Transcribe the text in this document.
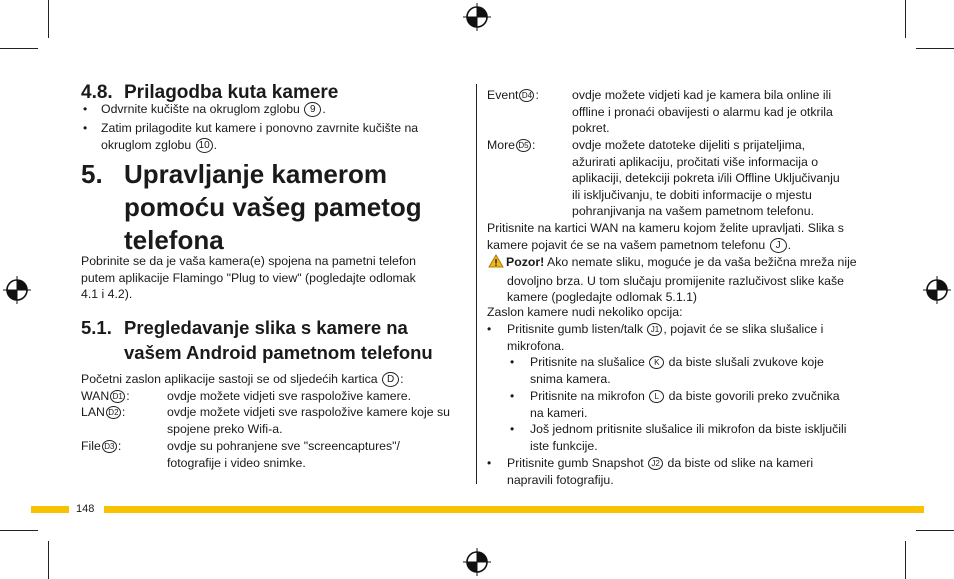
4.8. Prilagodba kuta kamere
• Odvrnite kučište na okruglom zglobu 9 .
• Zatim prilagodite kut kamere i ponovno zavrnite kučište na
okruglom zglobu 10 .
5. Upravljanje kamerom
pomoću vašeg pametog
telefona
Pobrinite se da je vaša kamera(e) spojena na pametni telefon
putem aplikacije Flamingo "Plug to view" (pogledajte odlomak
4.1 i 4.2).
5.1. Pregledavanje slika s kamere na
vašem Android pametnom telefonu
Početni zaslon aplikacije sastoji se od sljedećih kartica D :
WAN D1 :	ovdje možete vidjeti sve raspoložive kamere.
LAN D2 :	ovdje možete vidjeti sve raspoložive kamere koje su
spojene preko Wifi-a.
File D3 :	ovdje su pohranjene sve "screencaptures"/
fotografije i video snimke.
Event D4 :	ovdje možete vidjeti kad je kamera bila online ili
offline i pronaći obavijesti o alarmu kad je otkrila
pokret.
More D5 :	ovdje možete datoteke dijeliti s prijateljima,
ažurirati aplikaciju, pročitati više informacija o
aplikaciji, detekciji pokreta i/ili Offline Uključivanju
ili isključivanju, te dobiti informacije o mjestu
pohranjivanja na vašem pametnom telefonu.
Pritisnite na kartici WAN na kameru kojom želite upravljati. Slika s
kamere pojavit će se na vašem pametnom telefonu J .
Pozor! Ako nemate sliku, moguće je da vaša bežična mreža nije
dovoljno brza. U tom slučaju promijenite razlučivost slike kaše
kamere (pogledajte odlomak 5.1.1)
Zaslon kamere nudi nekoliko opcija:
• Pritisnite gumb listen/talk J1 , pojavit će se slika slušalice i
mikrofona.
• Pritisnite na slušalice K da biste slušali zvukove koje
snima kamera.
• Pritisnite na mikrofon L da biste govorili preko zvučnika
na kameri.
• Još jednom pritisnite slušalice ili mikrofon da biste isključili
iste funkcije.
• Pritisnite gumb Snapshot J2 da biste od slike na kameri
napravili fotografiju.
148
